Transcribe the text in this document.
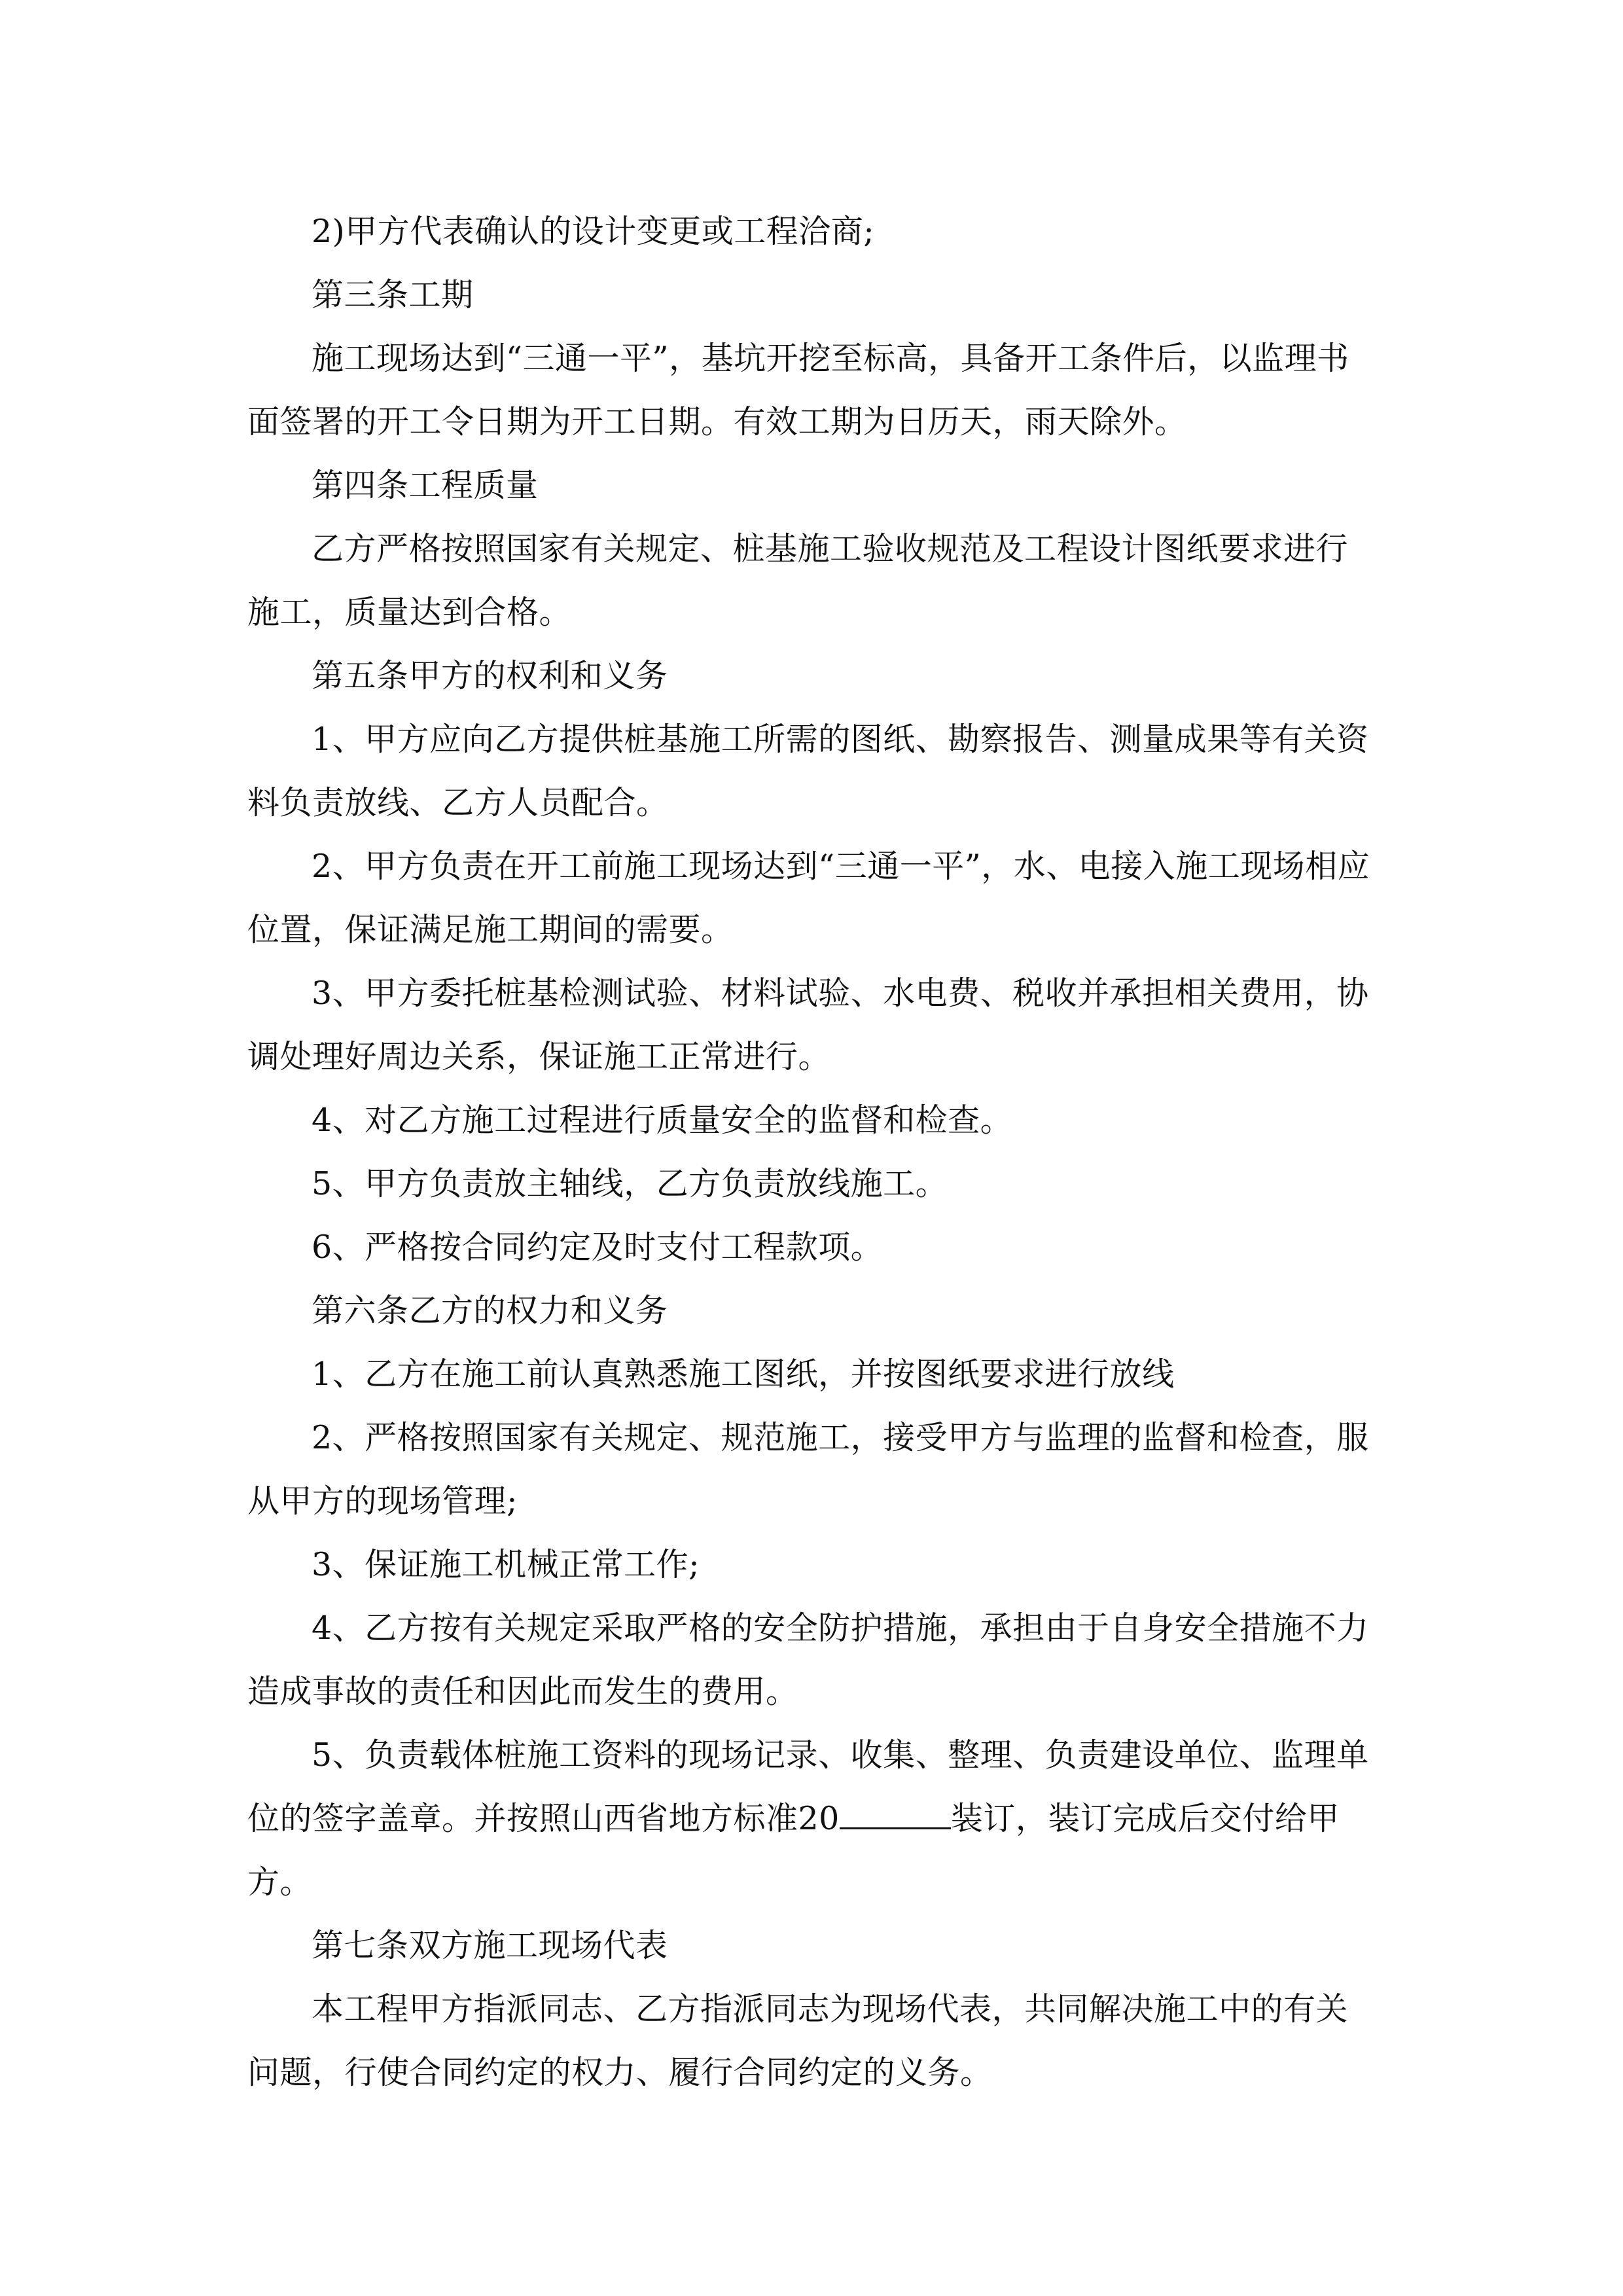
2)甲方代表确认的设计变更或工程洽商;

第三条工期

施工现场达到“三通一平”，基坑开挖至标高，具备开工条件后，以监理书面签署的开工令日期为开工日期。有效工期为日历天，雨天除外。

第四条工程质量

乙方严格按照国家有关规定、桩基施工验收规范及工程设计图纸要求进行施工，质量达到合格。

第五条甲方的权利和义务

1、甲方应向乙方提供桩基施工所需的图纸、勘察报告、测量成果等有关资料负责放线、乙方人员配合。

2、甲方负责在开工前施工现场达到“三通一平”，水、电接入施工现场相应位置，保证满足施工期间的需要。

3、甲方委托桩基检测试验、材料试验、水电费、税收并承担相关费用，协调处理好周边关系，保证施工正常进行。

4、对乙方施工过程进行质量安全的监督和检查。

5、甲方负责放主轴线，乙方负责放线施工。

6、严格按合同约定及时支付工程款项。

第六条乙方的权力和义务

1、乙方在施工前认真熟悉施工图纸，并按图纸要求进行放线

2、严格按照国家有关规定、规范施工，接受甲方与监理的监督和检查，服从甲方的现场管理;

3、保证施工机械正常工作;

4、乙方按有关规定采取严格的安全防护措施，承担由于自身安全措施不力造成事故的责任和因此而发生的费用。

5、负责载体桩施工资料的现场记录、收集、整理、负责建设单位、监理单位的签字盖章。并按照山西省地方标准20	装订，装订完成后交付给甲方。

第七条双方施工现场代表

本工程甲方指派同志、乙方指派同志为现场代表，共同解决施工中的有关问题，行使合同约定的权力、履行合同约定的义务。
